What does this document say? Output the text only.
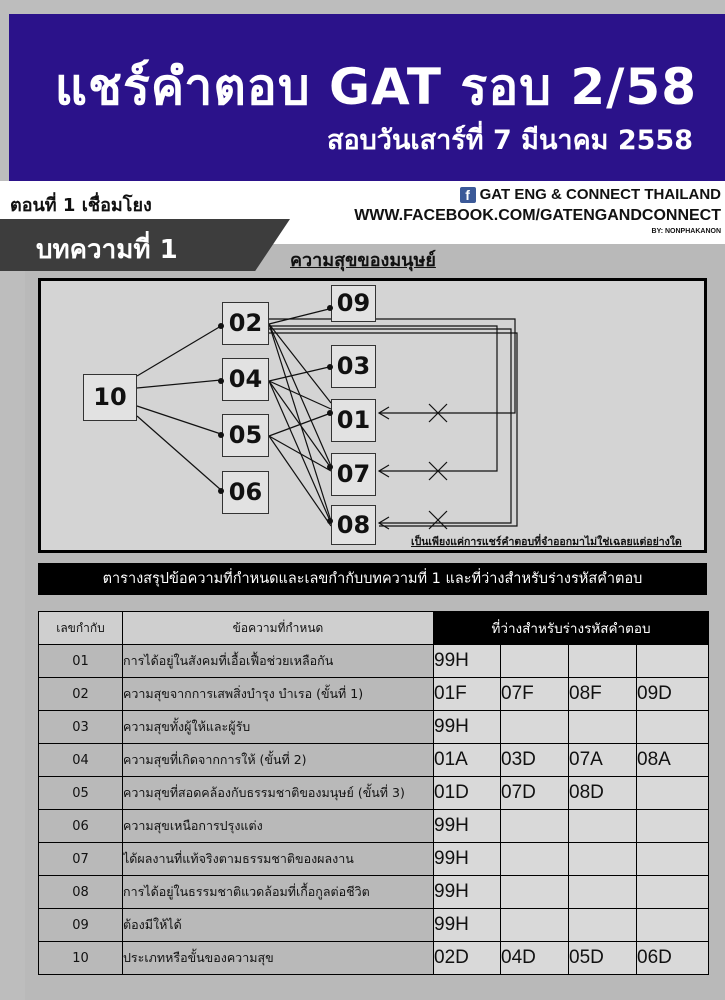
แชร์คำตอบ GAT รอบ 2/58
สอบวันเสาร์ที่ 7 มีนาคม 2558
ตอนที่ 1 เชื่อมโยง
f GAT ENG & CONNECT THAILAND
WWW.FACEBOOK.COM/GATENGANDCONNECT
BY: NONPHAKANON
บทความที่ 1	ความสุขของมนุษย์
10
02
04
05
06
09
03
01
07
08
เป็นเพียงแค่การแชร์คำตอบที่จำออกมาไม่ใช่เฉลยแต่อย่างใด
ตารางสรุปข้อความที่กำหนดและเลขกำกับบทความที่ 1 และที่ว่างสำหรับร่างรหัสคำตอบ
เลขกำกับ	ข้อความที่กำหนด	ที่ว่างสำหรับร่างรหัสคำตอบ			
01	การได้อยู่ในสังคมที่เอื้อเฟื้อช่วยเหลือกัน	99H			
02	ความสุขจากการเสพสิ่งบำรุง บำเรอ (ขั้นที่ 1)	01F	07F	08F	09D
03	ความสุขทั้งผู้ให้และผู้รับ	99H			
04	ความสุขที่เกิดจากการให้ (ขั้นที่ 2)	01A	03D	07A	08A
05	ความสุขที่สอดคล้องกับธรรมชาติของมนุษย์ (ขั้นที่ 3)	01D	07D	08D	
06	ความสุขเหนือการปรุงแต่ง	99H			
07	ได้ผลงานที่แท้จริงตามธรรมชาติของผลงาน	99H			
08	การได้อยู่ในธรรมชาติแวดล้อมที่เกื้อกูลต่อชีวิต	99H			
09	ต้องมีให้ได้	99H			
10	ประเภทหรือขั้นของความสุข	02D	04D	05D	06D
